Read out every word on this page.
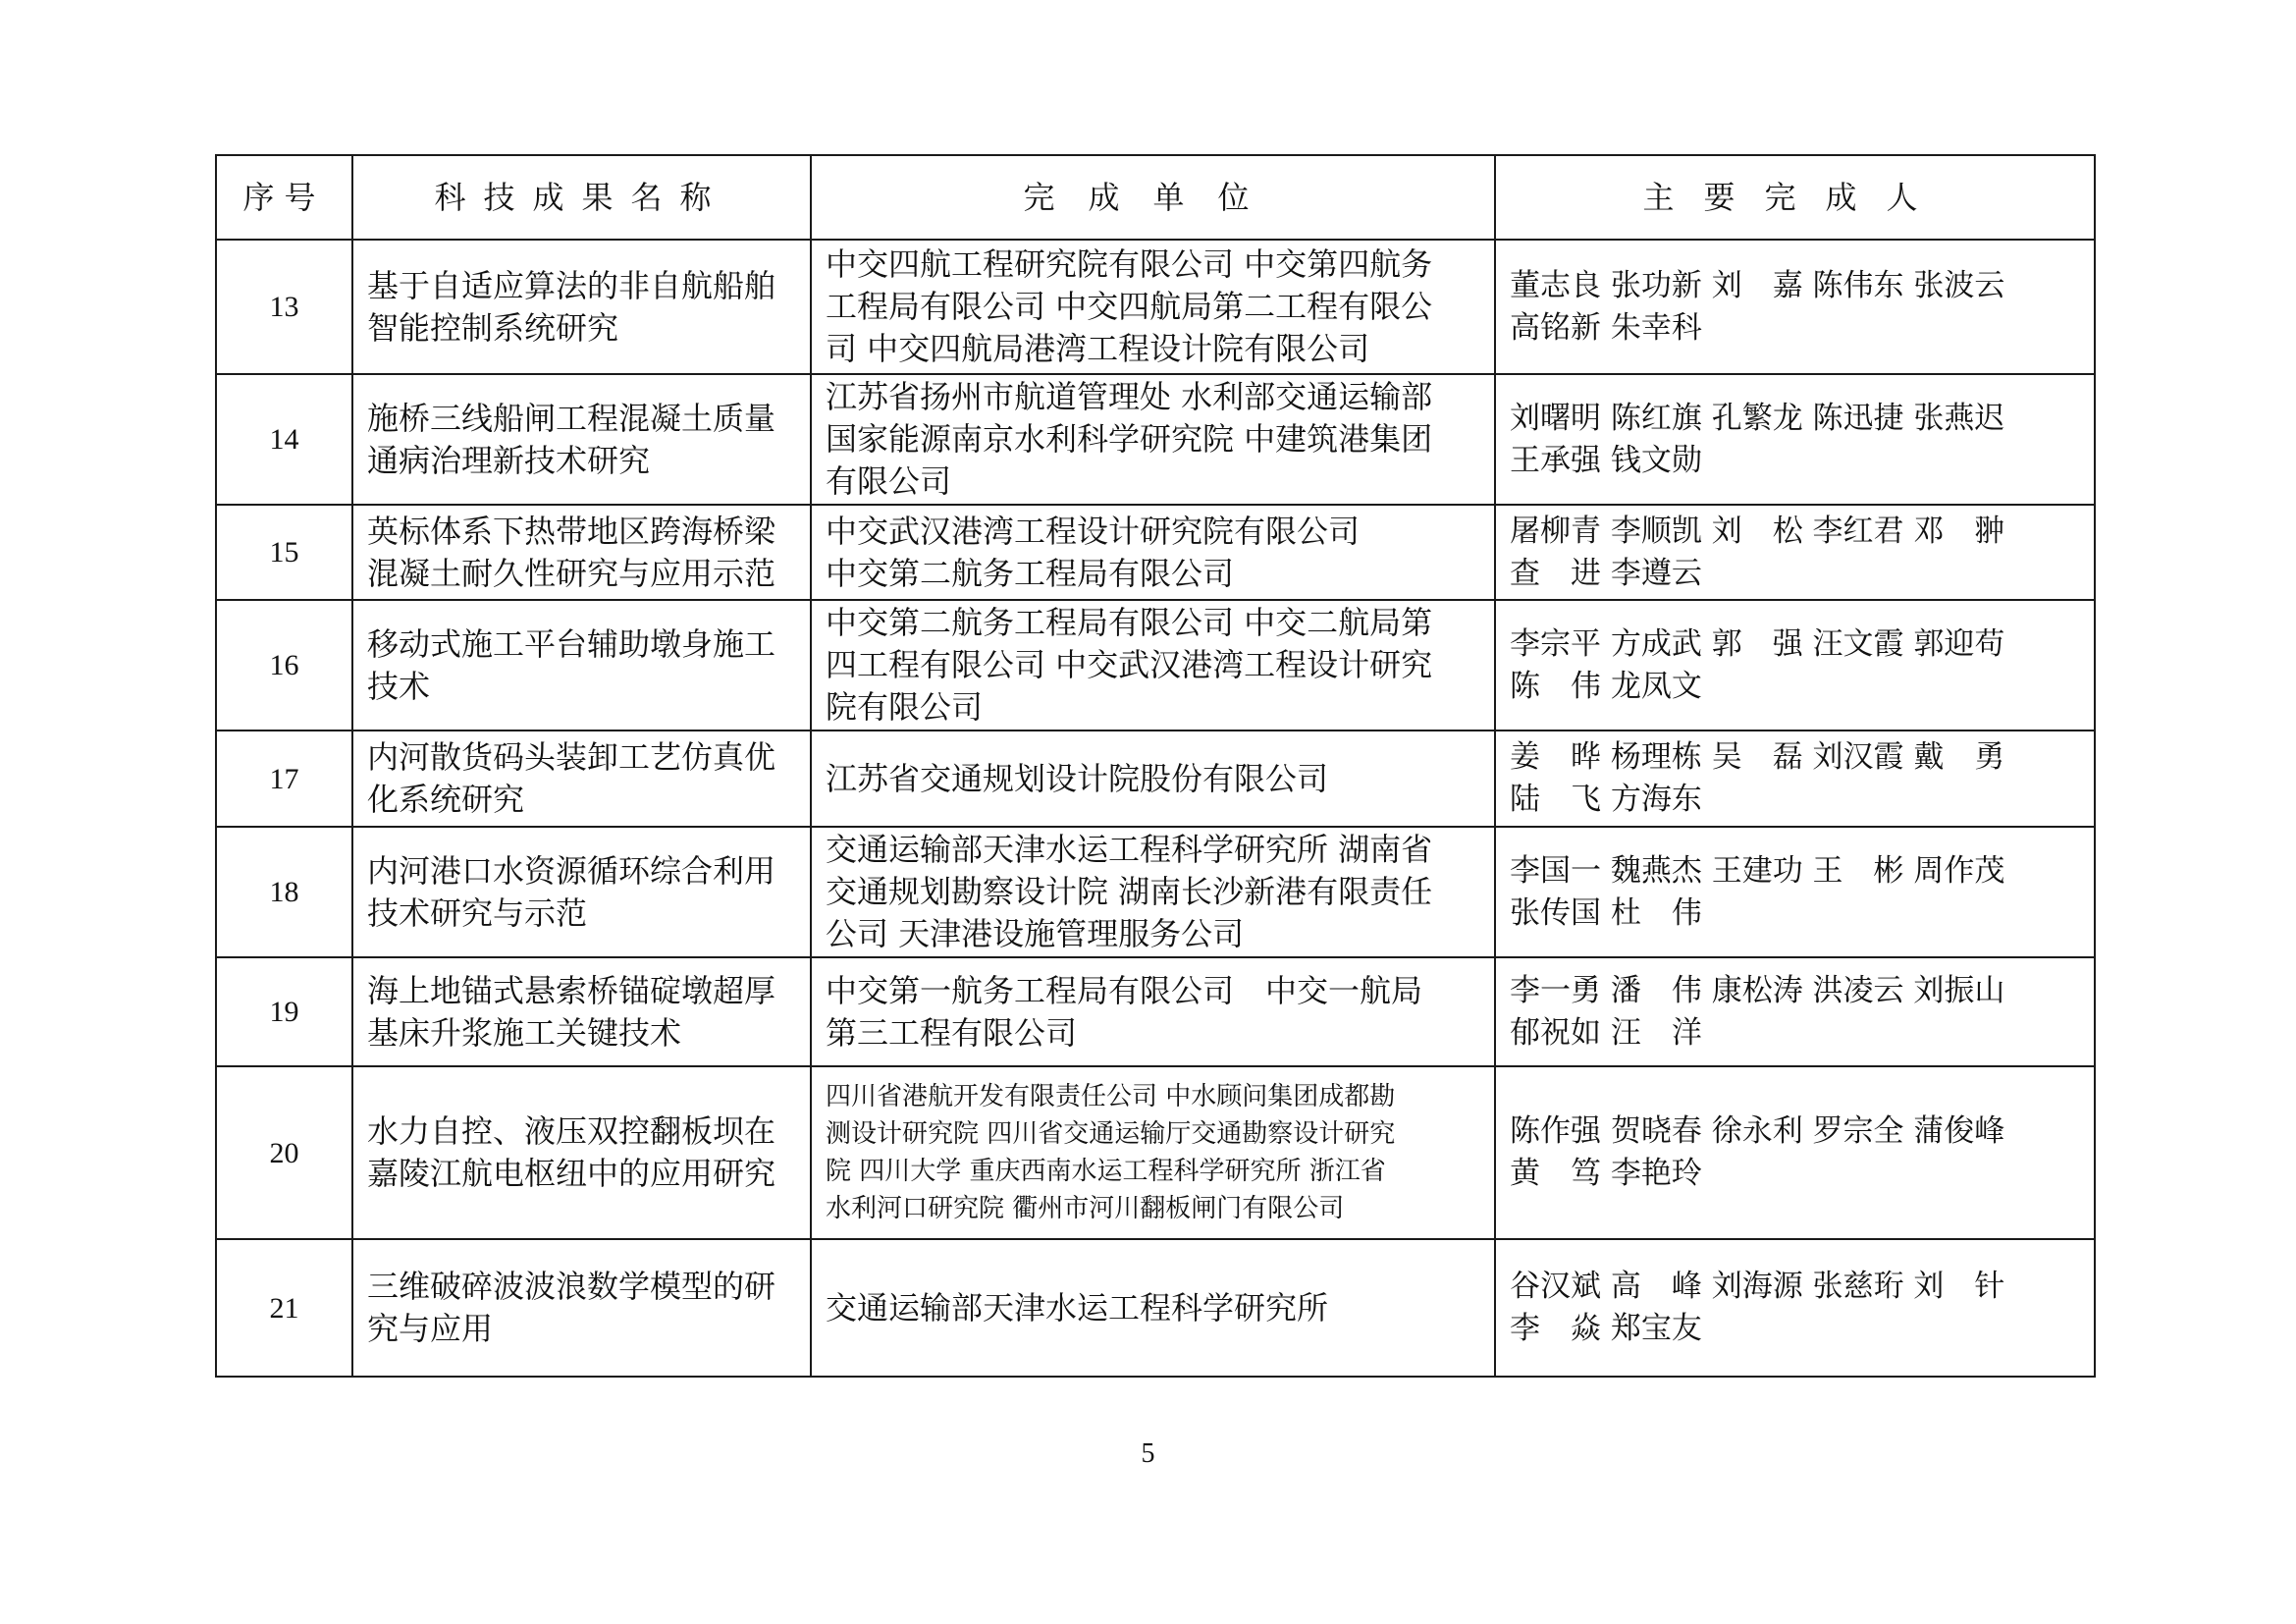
序号	科技成果名称	完成单位	主要完成人
13	基于自适应算法的非自航船舶
智能控制系统研究	中交四航工程研究院有限公司 中交第四航务
工程局有限公司 中交四航局第二工程有限公
司 中交四航局港湾工程设计院有限公司	董志良 张功新 刘　嘉 陈伟东 张波云
高铭新 朱幸科

14	施桥三线船闸工程混凝土质量
通病治理新技术研究	江苏省扬州市航道管理处 水利部交通运输部
国家能源南京水利科学研究院 中建筑港集团
有限公司	刘曙明 陈红旗 孔繁龙 陈迅捷 张燕迟
王承强 钱文勋

15	英标体系下热带地区跨海桥梁
混凝土耐久性研究与应用示范	中交武汉港湾工程设计研究院有限公司
中交第二航务工程局有限公司	屠柳青 李顺凯 刘　松 李红君 邓　翀
查　进 李遵云

16	移动式施工平台辅助墩身施工
技术	中交第二航务工程局有限公司 中交二航局第
四工程有限公司 中交武汉港湾工程设计研究
院有限公司	李宗平 方成武 郭　强 汪文霞 郭迎苟
陈　伟 龙凤文

17	内河散货码头装卸工艺仿真优
化系统研究	江苏省交通规划设计院股份有限公司	姜　晔 杨理栋 吴　磊 刘汉霞 戴　勇
陆　飞 方海东

18	内河港口水资源循环综合利用
技术研究与示范	交通运输部天津水运工程科学研究所 湖南省
交通规划勘察设计院 湖南长沙新港有限责任
公司 天津港设施管理服务公司	李国一 魏燕杰 王建功 王　彬 周作茂
张传国 杜　伟

19	海上地锚式悬索桥锚碇墩超厚
基床升浆施工关键技术	中交第一航务工程局有限公司　中交一航局
第三工程有限公司	李一勇 潘　伟 康松涛 洪凌云 刘振山
郁祝如 汪　洋

20	水力自控、液压双控翻板坝在
嘉陵江航电枢纽中的应用研究	四川省港航开发有限责任公司 中水顾问集团成都勘
测设计研究院 四川省交通运输厅交通勘察设计研究
院 四川大学 重庆西南水运工程科学研究所 浙江省
水利河口研究院 衢州市河川翻板闸门有限公司	陈作强 贺晓春 徐永利 罗宗全 蒲俊峰
黄　笃 李艳玲

21	三维破碎波波浪数学模型的研
究与应用	交通运输部天津水运工程科学研究所	谷汉斌 高　峰 刘海源 张慈珩 刘　针
李　焱 郑宝友
5
